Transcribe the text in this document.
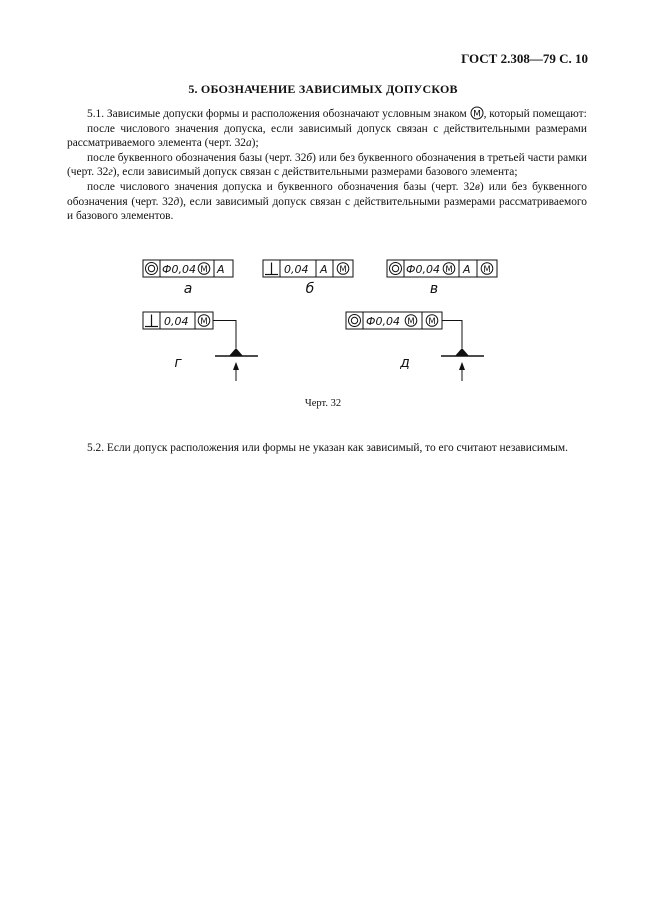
ГОСТ 2.308—79 С. 10
5. ОБОЗНАЧЕНИЕ ЗАВИСИМЫХ ДОПУСКОВ

5.1. Зависимые допуски формы и расположения обозначают условным знаком M , который помещают:

после числового значения допуска, если зависимый допуск связан с действительными размерами рассматриваемого элемента (черт. 32а);

после буквенного обозначения базы (черт. 32б) или без буквенного обозначения в третьей части рамки (черт. 32г), если зависимый допуск связан с действительными размерами базового элемента;

после числового значения допуска и буквенного обозначения базы (черт. 32в) или без буквенного обозначения (черт. 32д), если зависимый допуск связан с действительными размерами рассматриваемого и базового элементов.

Ф0,04 M A
а
0,04 A M
б
Ф0,04 M A M
в
0,04 M
г
Ф0,04 M M
д
Черт. 32

5.2. Если допуск расположения или формы не указан как зависимый, то его считают независимым.
